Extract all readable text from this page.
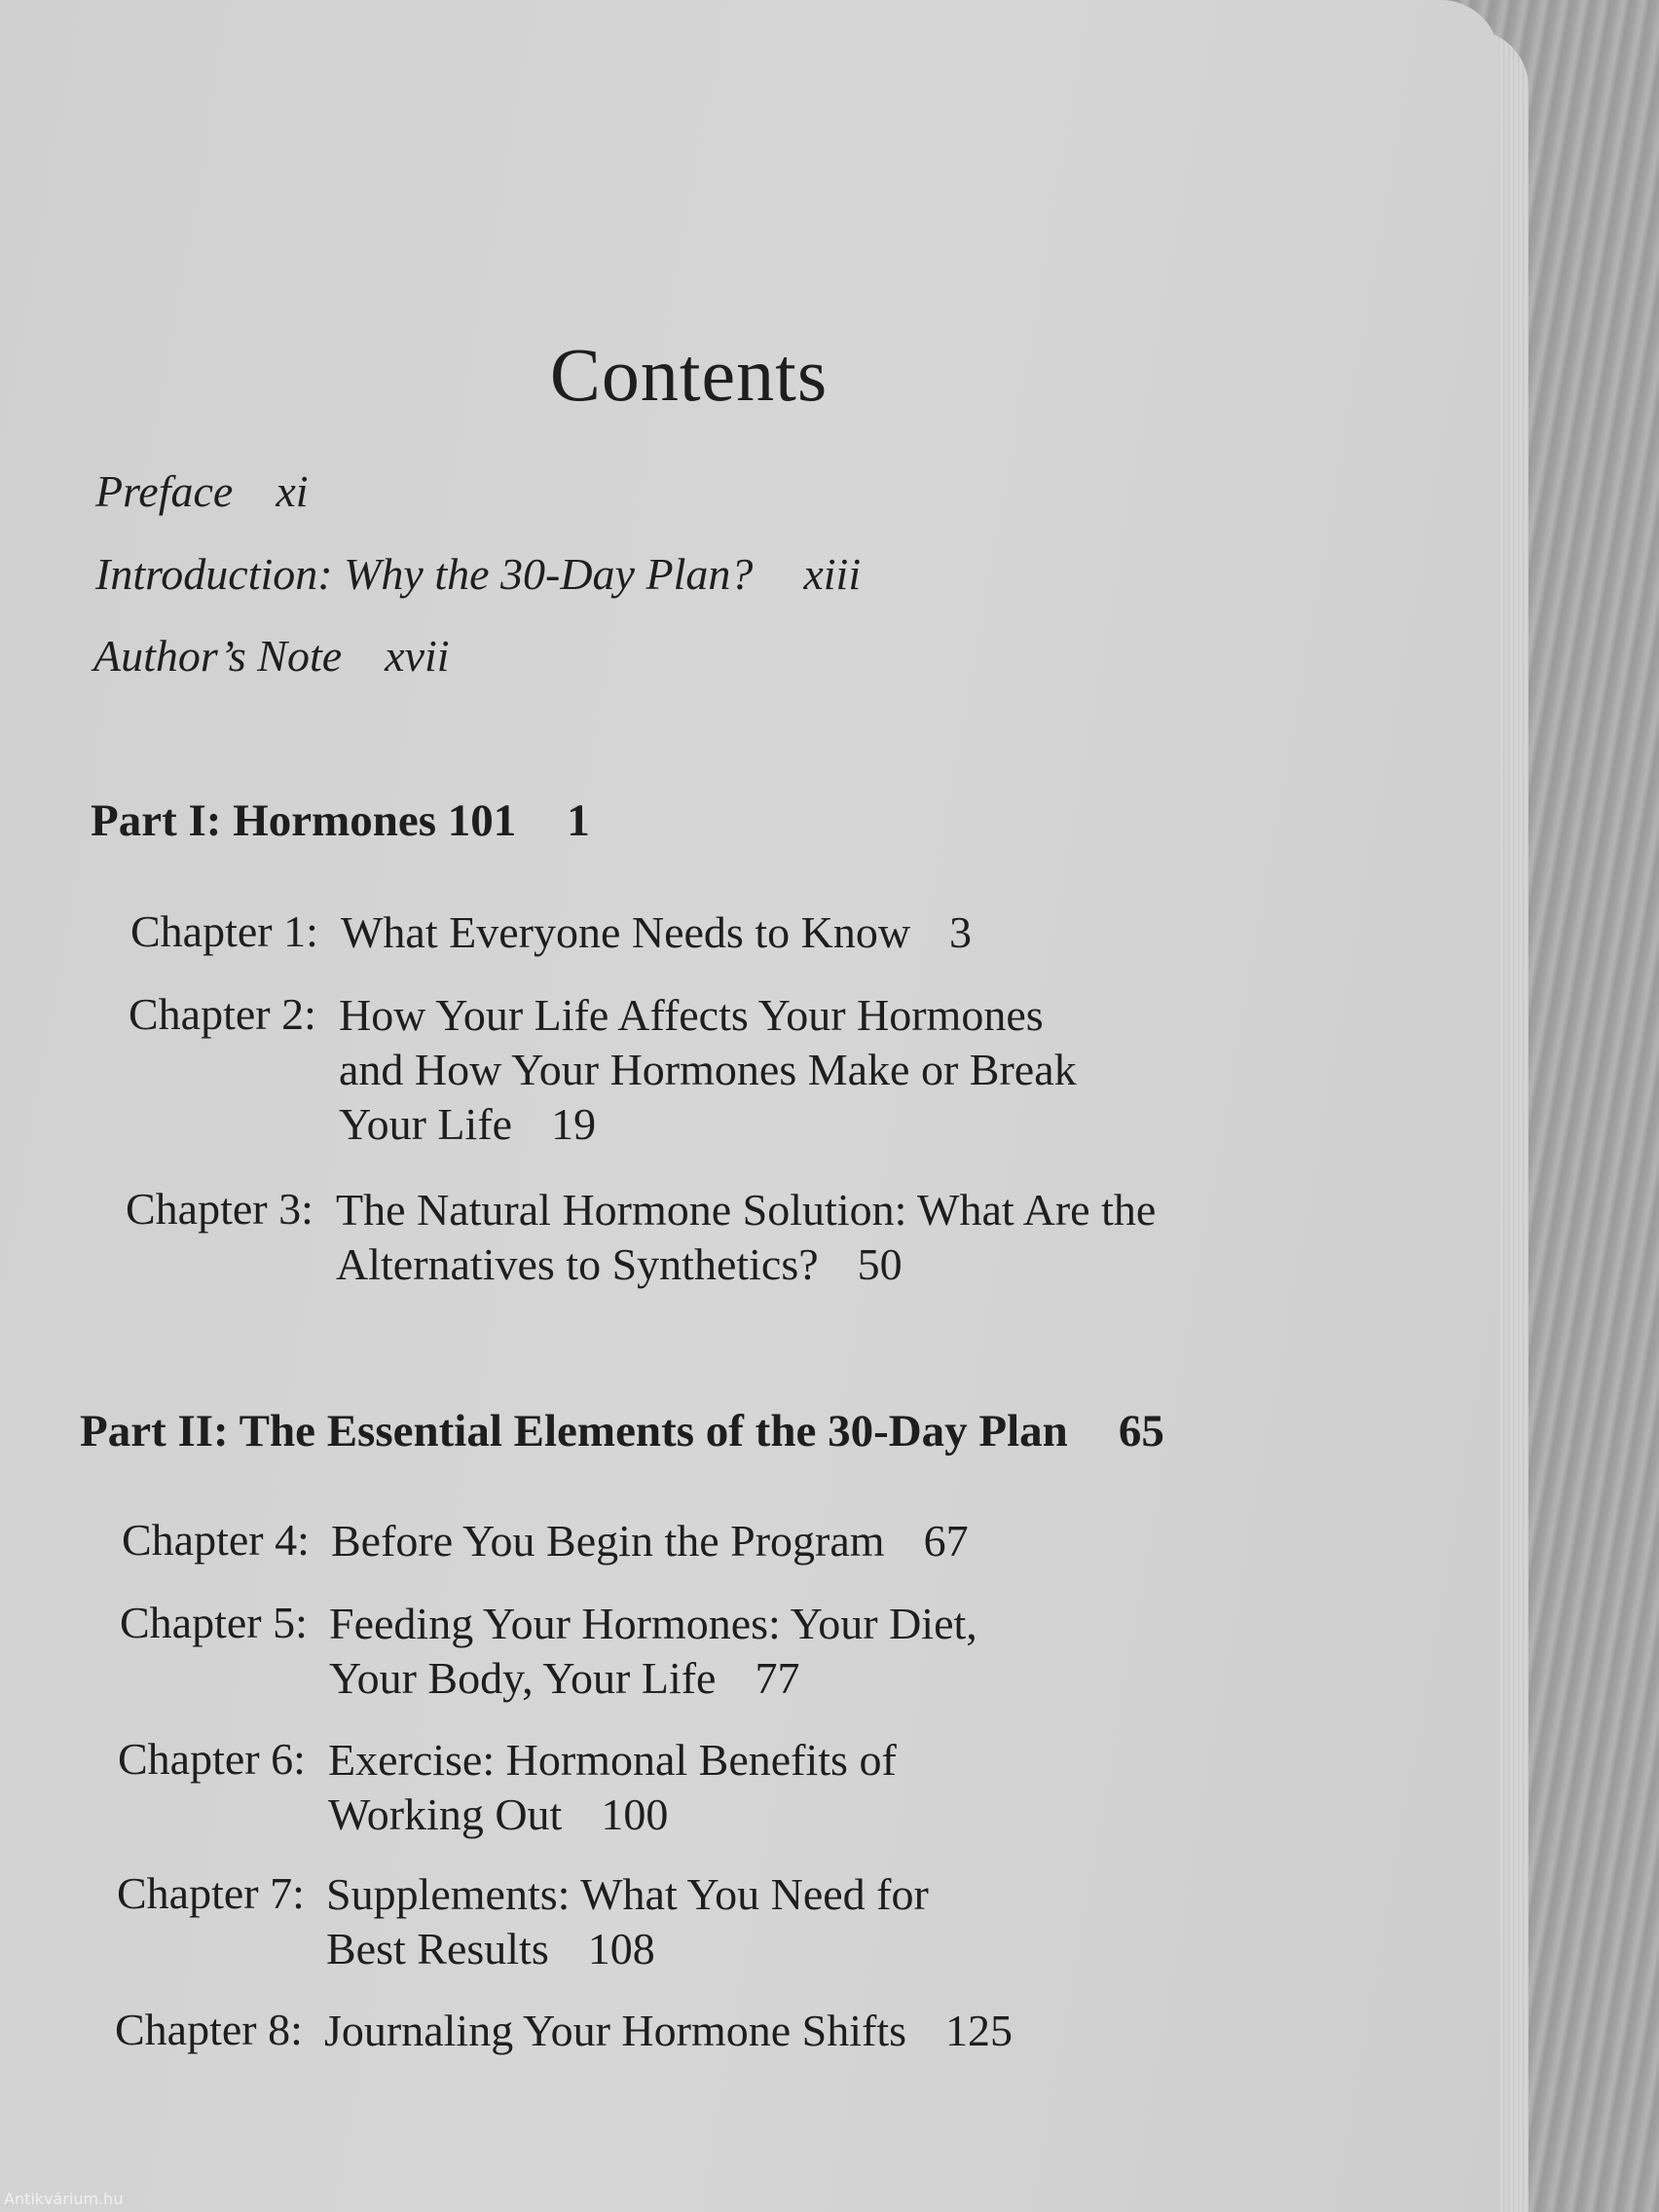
Contents
Preface xi
Introduction: Why the 30-Day Plan? xiii
Author’s Note xvii
Part I: Hormones 101 1
Chapter 1: What Everyone Needs to Know 3
Chapter 2: How Your Life Affects Your Hormones and How Your Hormones Make or Break Your Life 19
Chapter 3: The Natural Hormone Solution: What Are the Alternatives to Synthetics? 50
Part II: The Essential Elements of the 30-Day Plan 65
Chapter 4: Before You Begin the Program 67
Chapter 5: Feeding Your Hormones: Your Diet, Your Body, Your Life 77
Chapter 6: Exercise: Hormonal Benefits of Working Out 100
Chapter 7: Supplements: What You Need for Best Results 108
Chapter 8: Journaling Your Hormone Shifts 125
Antikvárium.hu
